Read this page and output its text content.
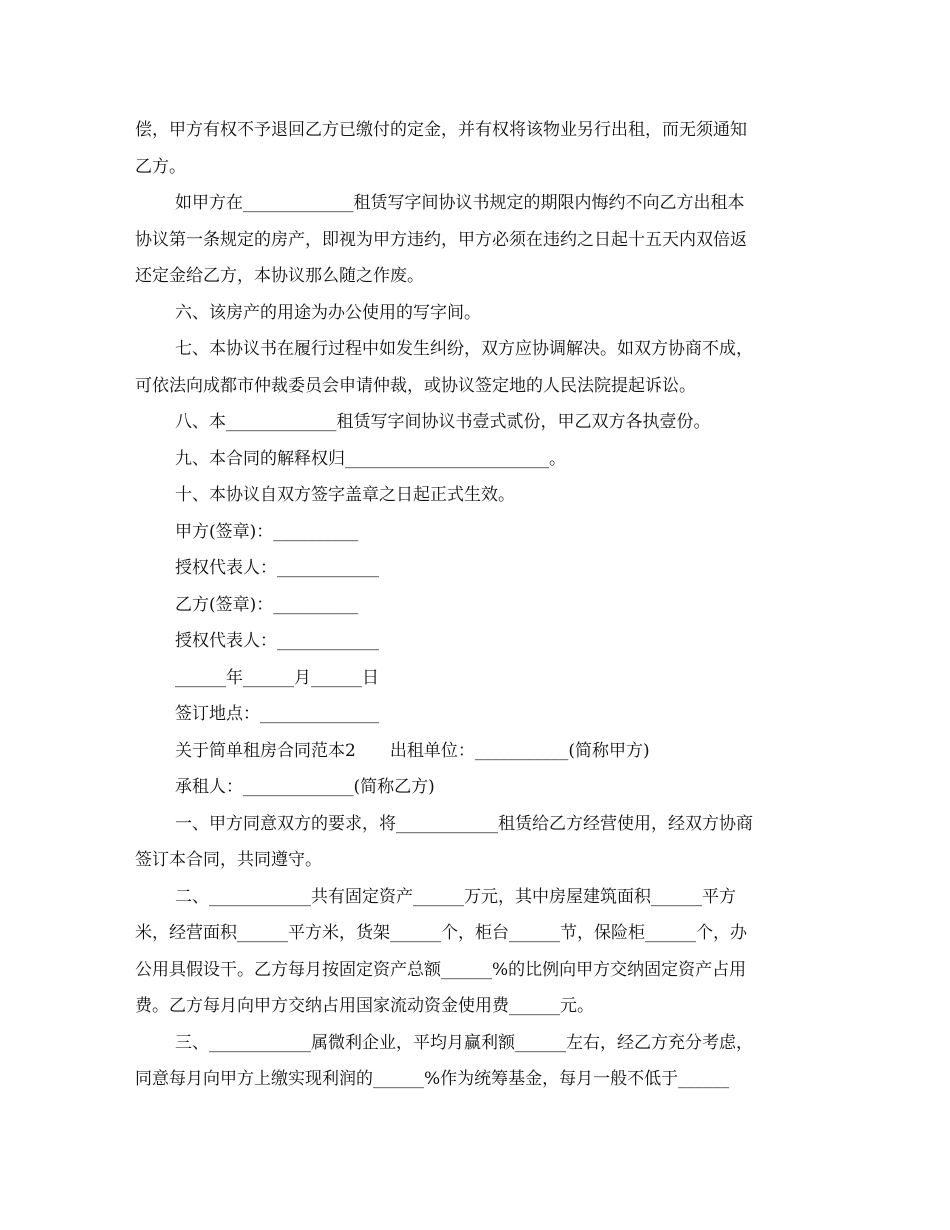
偿，甲方有权不予退回乙方已缴付的定金，并有权将该物业另行出租，而无须通知
乙方。
如甲方在_____________租赁写字间协议书规定的期限内悔约不向乙方出租本
协议第一条规定的房产，即视为甲方违约，甲方必须在违约之日起十五天内双倍返
还定金给乙方，本协议那么随之作废。
六、该房产的用途为办公使用的写字间。
七、本协议书在履行过程中如发生纠纷，双方应协调解决。如双方协商不成，
可依法向成都市仲裁委员会申请仲裁，或协议签定地的人民法院提起诉讼。
八、本_____________租赁写字间协议书壹式贰份，甲乙双方各执壹份。
九、本合同的解释权归________________________。
十、本协议自双方签字盖章之日起正式生效。
甲方(签章)：__________
授权代表人：____________
乙方(签章)：__________
授权代表人：____________
______年______月______日
签订地点：______________
关于简单租房合同范本2　　出租单位：___________(简称甲方)
承租人：_____________(简称乙方)
一、甲方同意双方的要求，将____________租赁给乙方经营使用，经双方协商
签订本合同，共同遵守。
二、____________共有固定资产______万元，其中房屋建筑面积______平方
米，经营面积______平方米，货架______个，柜台______节，保险柜______个，办
公用具假设干。乙方每月按固定资产总额______%的比例向甲方交纳固定资产占用
费。乙方每月向甲方交纳占用国家流动资金使用费______元。
三、____________属微利企业，平均月赢利额______左右，经乙方充分考虑，
同意每月向甲方上缴实现利润的______%作为统筹基金，每月一般不低于______
